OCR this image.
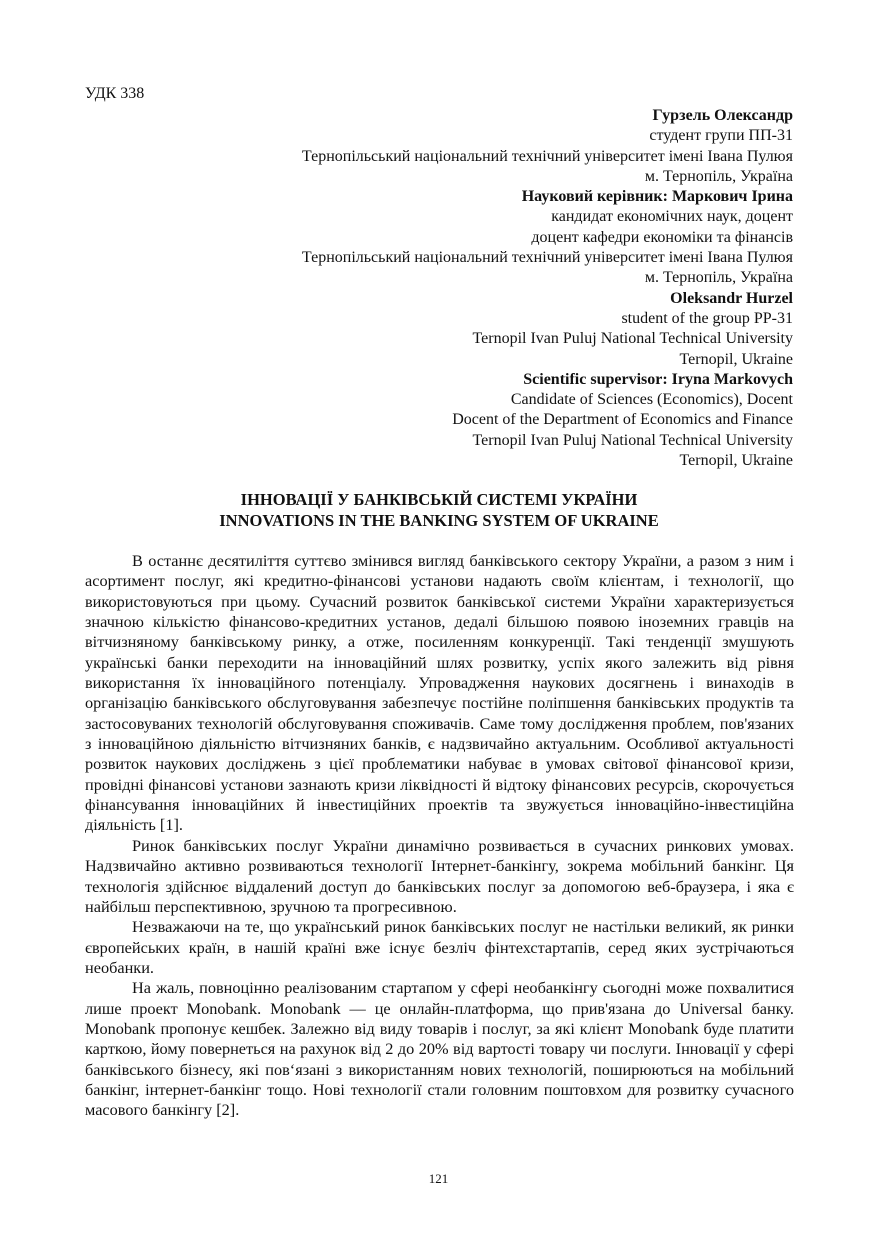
УДК 338
Гурзель Олександр
студент групи ПП-31
Тернопільський національний технічний університет імені Івана Пулюя
м. Тернопіль, Україна
Науковий керівник: Маркович Ірина
кандидат економічних наук, доцент
доцент кафедри економіки та фінансів
Тернопільський національний технічний університет імені Івана Пулюя
м. Тернопіль, Україна
Oleksandr Hurzel
student of the group PP-31
Ternopil Ivan Puluj National Technical University
Ternopil, Ukraine
Scientific supervisor: Iryna Markovych
Candidate of Sciences (Economics), Docent
Docent of the Department of Economics and Finance
Ternopil Ivan Puluj National Technical University
Ternopil, Ukraine
ІННОВАЦІЇ У БАНКІВСЬКІЙ СИСТЕМІ УКРАЇНИ
INNOVATIONS IN THE BANKING SYSTEM OF UKRAINE

В останнє десятиліття суттєво змінився вигляд банківського сектору України, а разом з ним і асортимент послуг, які кредитно-фінансові установи надають своїм клієнтам, і технології, що використовуються при цьому. Сучасний розвиток банківської системи України характеризується значною кількістю фінансово-кредитних установ, дедалі більшою появою іноземних гравців на вітчизняному банківському ринку, а отже, посиленням конкуренції. Такі тенденції змушують українські банки переходити на інноваційний шлях розвитку, успіх якого залежить від рівня використання їх інноваційного потенціалу. Упровадження наукових досягнень і винаходів в організацію банківського обслуговування забезпечує постійне поліпшення банківських продуктів та застосовуваних технологій обслуговування споживачів. Саме тому дослідження проблем, пов'язаних з інноваційною діяльністю вітчизняних банків, є надзвичайно актуальним. Особливої актуальності розвиток наукових досліджень з цієї проблематики набуває в умовах світової фінансової кризи, провідні фінансові установи зазнають кризи ліквідності й відтоку фінансових ресурсів, скорочується фінансування інноваційних й інвестиційних проектів та звужується інноваційно-інвестиційна діяльність [1].

Ринок банківських послуг України динамічно розвивається в сучасних ринкових умовах. Надзвичайно активно розвиваються технології Інтернет-банкінгу, зокрема мобільний банкінг. Ця технологія здійснює віддалений доступ до банківських послуг за допомогою веб-браузера, і яка є найбільш перспективною, зручною та прогресивною.

Незважаючи на те, що український ринок банківських послуг не настільки великий, як ринки європейських країн, в нашій країні вже існує безліч фінтехстартапів, серед яких зустрічаються необанки.

На жаль, повноцінно реалізованим стартапом у сфері необанкінгу сьогодні може похвалитися лише проект Monobank. Monobank — це онлайн-платформа, що прив'язана до Universal банку. Monobank пропонує кешбек. Залежно від виду товарів і послуг, за які клієнт Monobank буде платити карткою, йому повернеться на рахунок від 2 до 20% від вартості товару чи послуги. Інновації у сфері банківського бізнесу, які пов‘язані з використанням нових технологій, поширюються на мобільний банкінг, інтернет-банкінг тощо. Нові технології стали головним поштовхом для розвитку сучасного масового банкінгу [2].

121
